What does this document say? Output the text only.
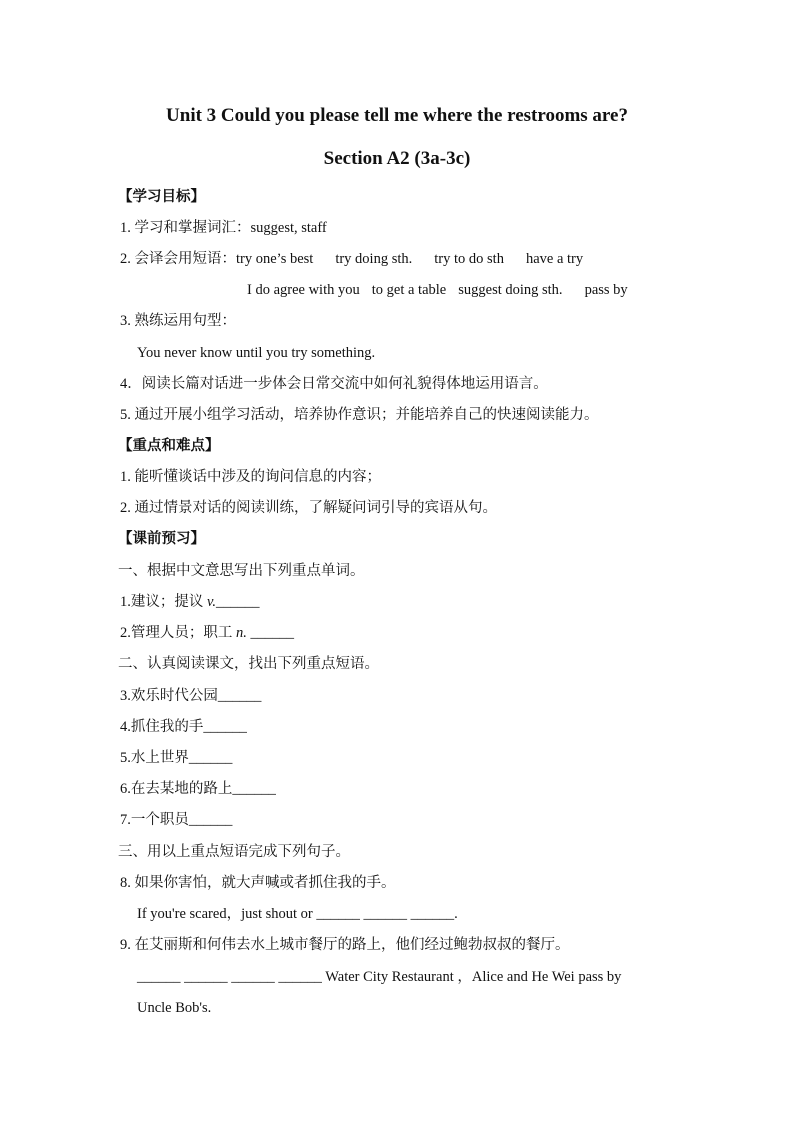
Unit 3 Could you please tell me where the restrooms are?
Section A2 (3a-3c)
【学习目标】
1. 学习和掌握词汇：suggest, staff
2. 会译会用短语：try one’s best try doing sth. try to do sth have a try
I do agree with you to get a table suggest doing sth. pass by
3. 熟练运用句型：
You never know until you try something.
4．阅读长篇对话进一步体会日常交流中如何礼貌得体地运用语言。
5. 通过开展小组学习活动，培养协作意识；并能培养自己的快速阅读能力。
【重点和难点】
1. 能听懂谈话中涉及的询问信息的内容；
2. 通过情景对话的阅读训练，了解疑问词引导的宾语从句。
【课前预习】
一、根据中文意思写出下列重点单词。
1.建议；提议 v.______
2.管理人员；职工 n. ______
二、认真阅读课文，找出下列重点短语。
3.欢乐时代公园______
4.抓住我的手______
5.水上世界______
6.在去某地的路上______
7.一个职员______
三、用以上重点短语完成下列句子。
8. 如果你害怕，就大声喊或者抓住我的手。
If you're scared，just shout or ______ ______ ______.
9. 在艾丽斯和何伟去水上城市餐厅的路上，他们经过鲍勃叔叔的餐厅。
______ ______ ______ ______ Water City Restaurant ，Alice and He Wei pass by
Uncle Bob's.
